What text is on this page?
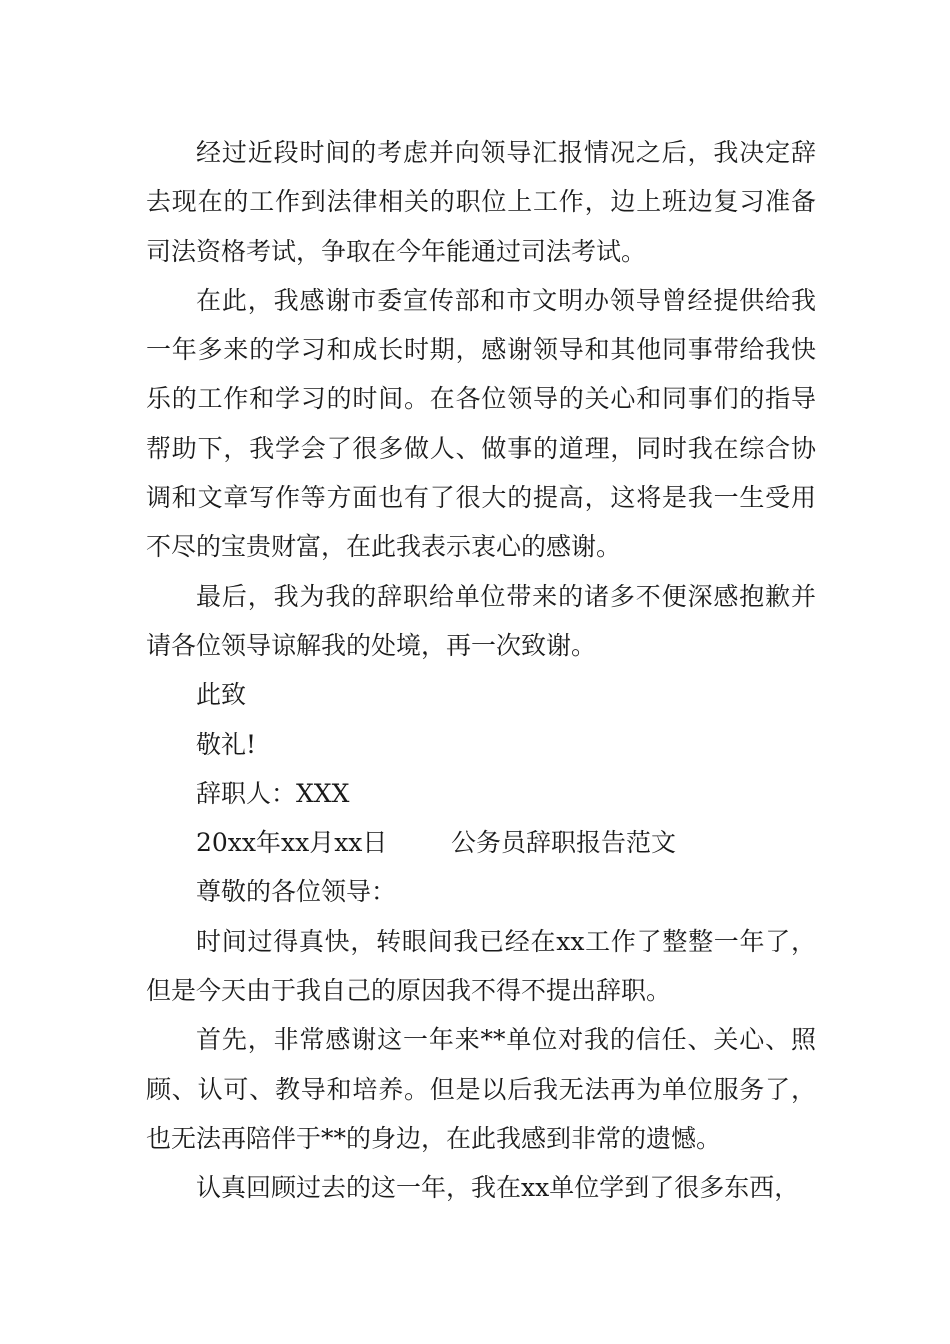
经过近段时间的考虑并向领导汇报情况之后，我决定辞去现在的工作到法律相关的职位上工作，边上班边复习准备司法资格考试，争取在今年能通过司法考试。

在此，我感谢市委宣传部和市文明办领导曾经提供给我一年多来的学习和成长时期，感谢领导和其他同事带给我快乐的工作和学习的时间。在各位领导的关心和同事们的指导帮助下，我学会了很多做人、做事的道理，同时我在综合协调和文章写作等方面也有了很大的提高，这将是我一生受用不尽的宝贵财富，在此我表示衷心的感谢。

最后，我为我的辞职给单位带来的诸多不便深感抱歉并请各位领导谅解我的处境，再一次致谢。

此致

敬礼!

辞职人：XXX

20xx年xx月xx日        公务员辞职报告范文

尊敬的各位领导：

时间过得真快，转眼间我已经在xx工作了整整一年了，但是今天由于我自己的原因我不得不提出辞职。

首先，非常感谢这一年来**单位对我的信任、关心、照顾、认可、教导和培养。但是以后我无法再为单位服务了，也无法再陪伴于**的身边，在此我感到非常的遗憾。

认真回顾过去的这一年，我在xx单位学到了很多东西，
